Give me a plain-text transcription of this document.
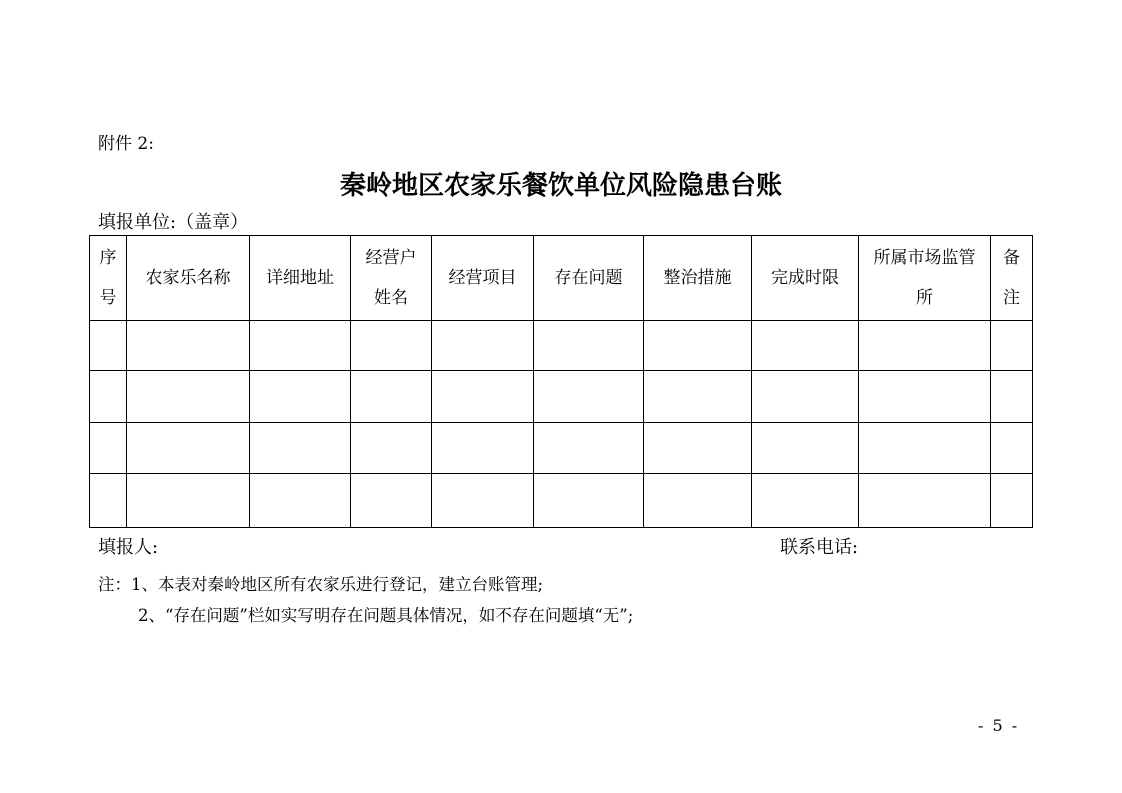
附件 2:
秦岭地区农家乐餐饮单位风险隐患台账
填报单位:（盖章）
序号	农家乐名称	详细地址	经营户姓名	经营项目	存在问题	整治措施	完成时限	所属市场监管所	备注

填报人:	联系电话:
注：1、本表对秦岭地区所有农家乐进行登记，建立台账管理;
2、“存在问题”栏如实写明存在问题具体情况，如不存在问题填“无”;
- 5 -
